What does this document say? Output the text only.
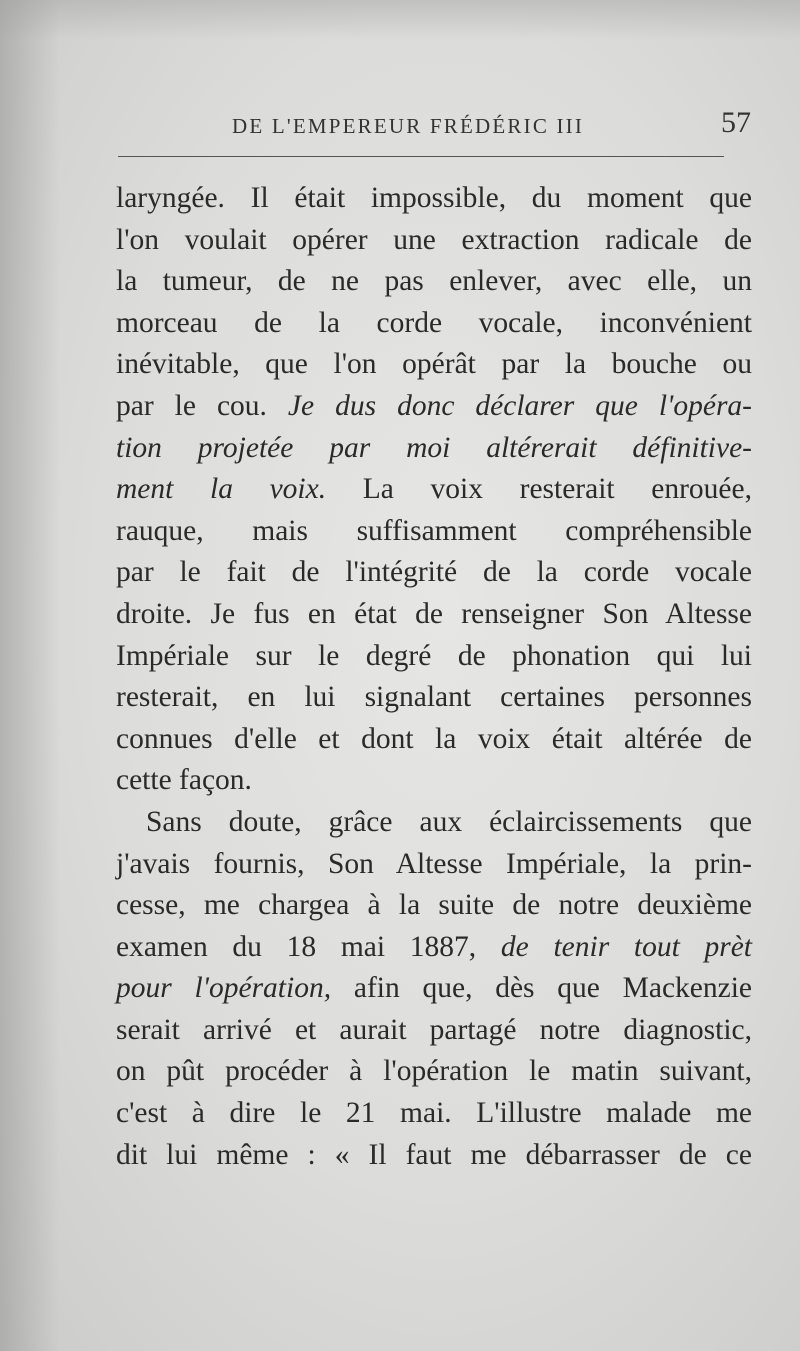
DE L'EMPEREUR FRÉDÉRIC III	57
laryngée. Il était impossible, du moment que
l'on voulait opérer une extraction radicale de
la tumeur, de ne pas enlever, avec elle, un
morceau de la corde vocale, inconvénient
inévitable, que l'on opérât par la bouche ou
par le cou. Je dus donc déclarer que l'opéra-
tion projetée par moi altérerait définitive-
ment la voix. La voix resterait enrouée,
rauque, mais suffisamment compréhensible
par le fait de l'intégrité de la corde vocale
droite. Je fus en état de renseigner Son Altesse
Impériale sur le degré de phonation qui lui
resterait, en lui signalant certaines personnes
connues d'elle et dont la voix était altérée de
cette façon.
Sans doute, grâce aux éclaircissements que
j'avais fournis, Son Altesse Impériale, la prin-
cesse, me chargea à la suite de notre deuxième
examen du 18 mai 1887, de tenir tout prèt
pour l'opération, afin que, dès que Mackenzie
serait arrivé et aurait partagé notre diagnostic,
on pût procéder à l'opération le matin suivant,
c'est à dire le 21 mai. L'illustre malade me
dit lui même : « Il faut me débarrasser de ce
